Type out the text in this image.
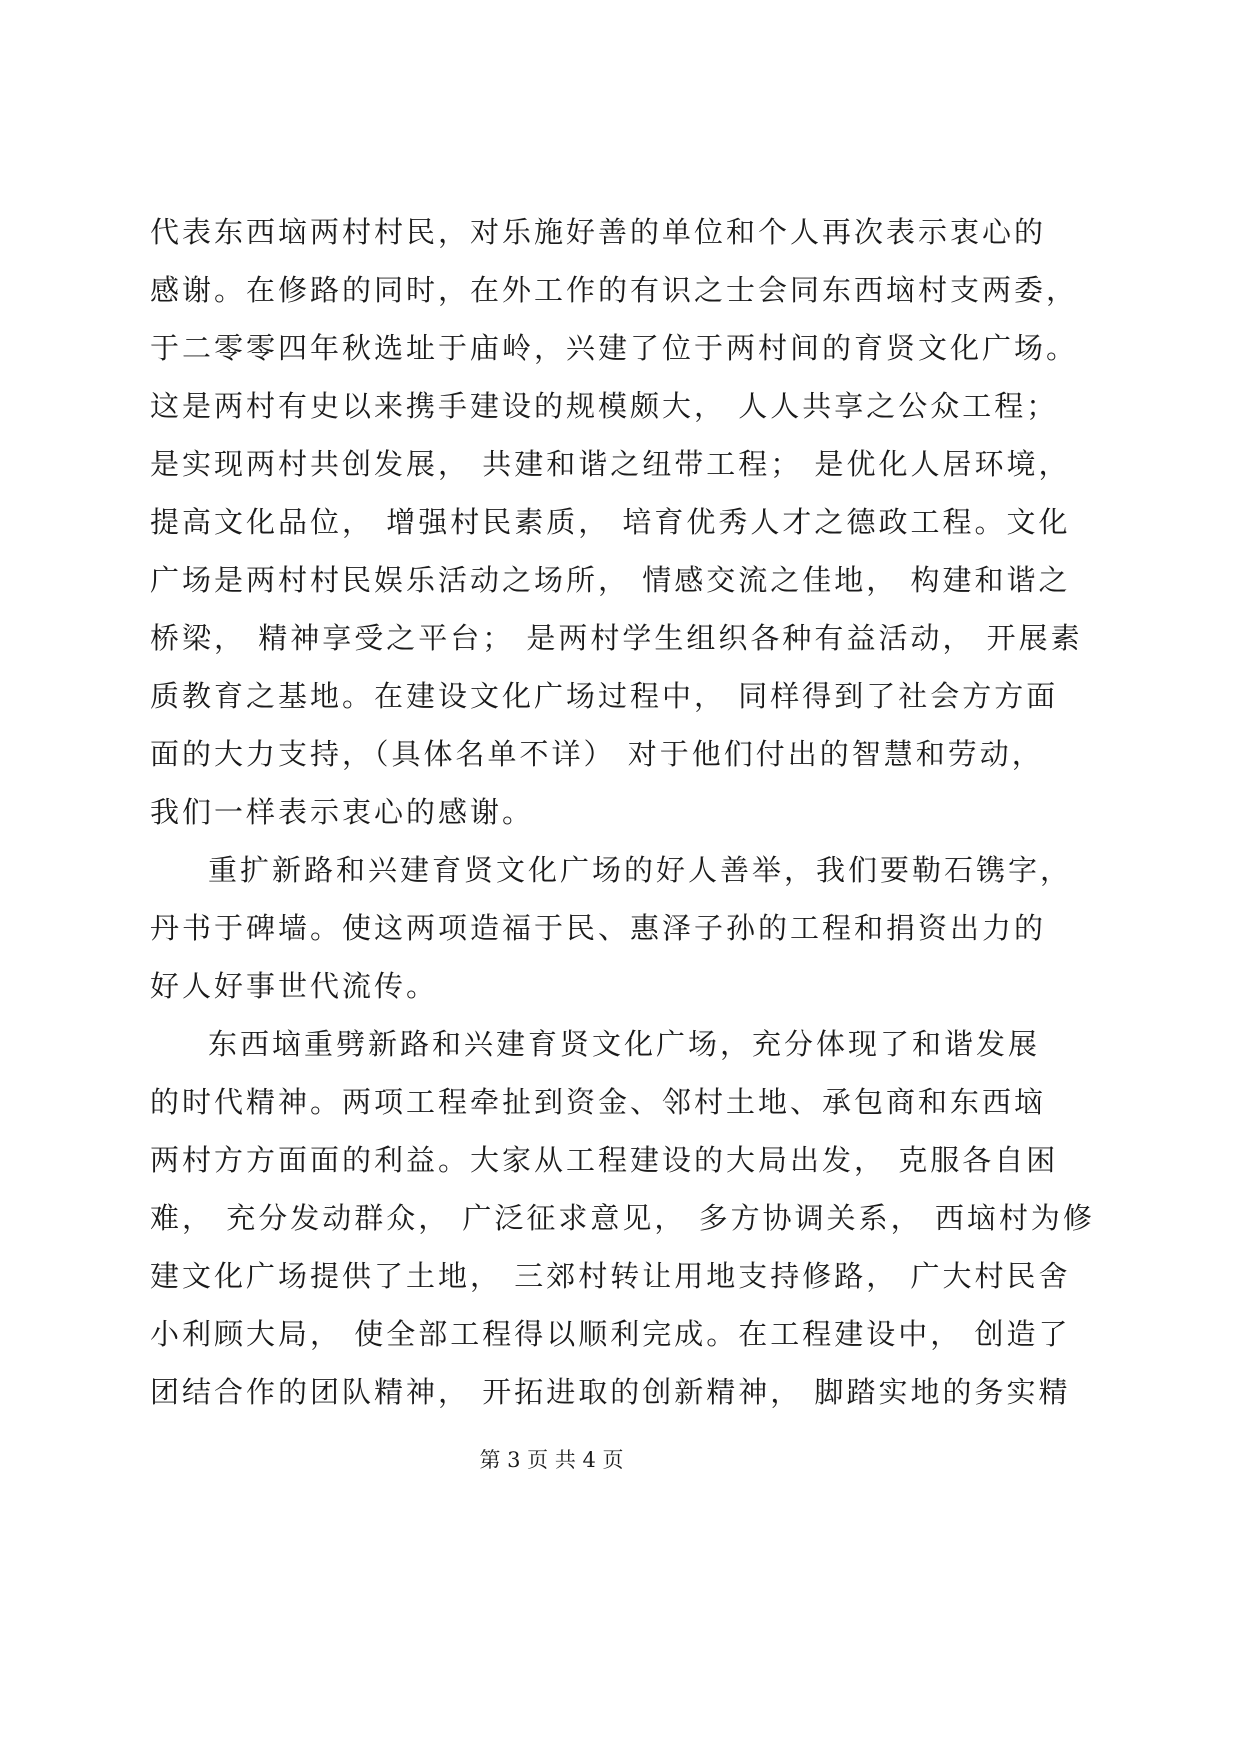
代表东西垴两村村民，对乐施好善的单位和个人再次表示衷心的
感谢。在修路的同时，在外工作的有识之士会同东西垴村支两委，
于二零零四年秋选址于庙岭，兴建了位于两村间的育贤文化广场。
这是两村有史以来携手建设的规模颇大， 人人共享之公众工程；
是实现两村共创发展， 共建和谐之纽带工程； 是优化人居环境，
提高文化品位， 增强村民素质， 培育优秀人才之德政工程。文化
广场是两村村民娱乐活动之场所， 情感交流之佳地， 构建和谐之
桥梁， 精神享受之平台； 是两村学生组织各种有益活动， 开展素
质教育之基地。在建设文化广场过程中， 同样得到了社会方方面
面的大力支持，（具体名单不详） 对于他们付出的智慧和劳动，
我们一样表示衷心的感谢。
重扩新路和兴建育贤文化广场的好人善举，我们要勒石镌字，
丹书于碑墙。使这两项造福于民、惠泽子孙的工程和捐资出力的
好人好事世代流传。
东西垴重劈新路和兴建育贤文化广场，充分体现了和谐发展
的时代精神。两项工程牵扯到资金、邻村土地、承包商和东西垴
两村方方面面的利益。大家从工程建设的大局出发， 克服各自困
难， 充分发动群众， 广泛征求意见， 多方协调关系， 西垴村为修
建文化广场提供了土地， 三郊村转让用地支持修路， 广大村民舍
小利顾大局， 使全部工程得以顺利完成。在工程建设中， 创造了
团结合作的团队精神， 开拓进取的创新精神， 脚踏实地的务实精
第 3 页 共 4 页
